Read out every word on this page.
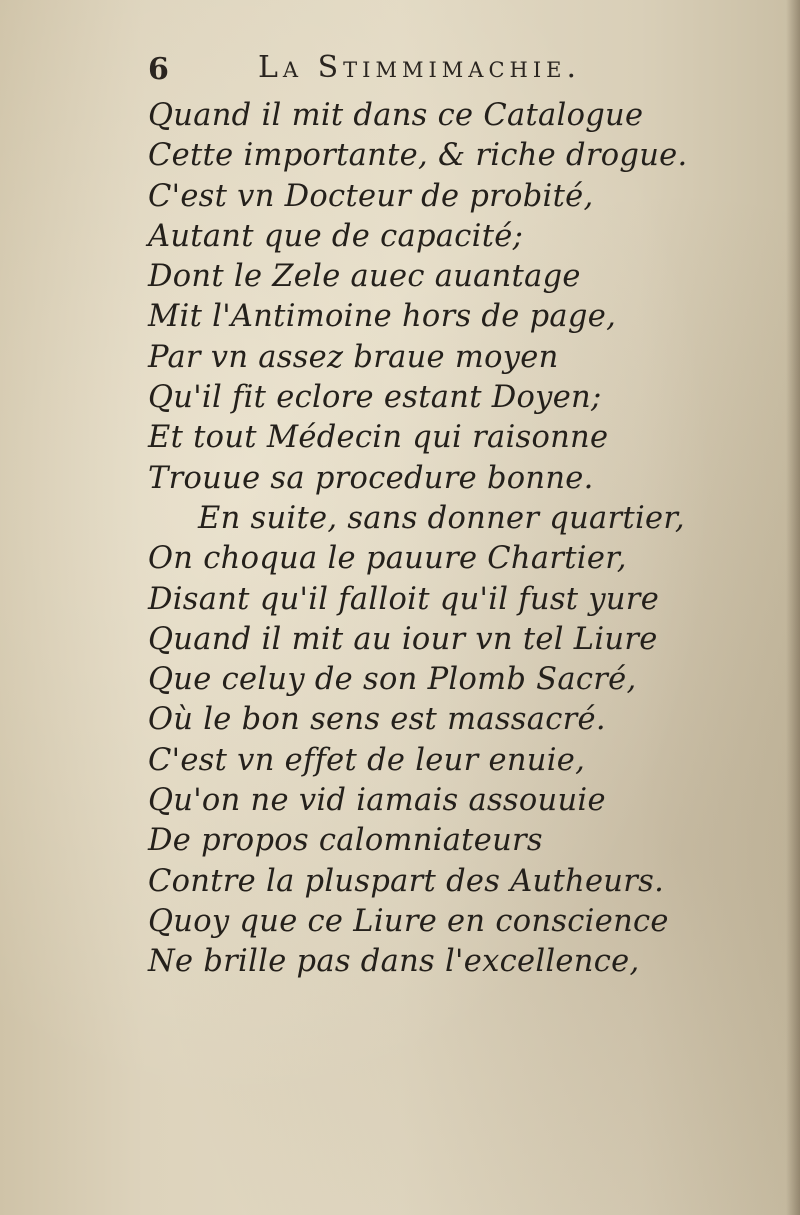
6	La Stimmimachie.
Quand il mit dans ce Catalogue
Cette importante, & riche drogue.
C'est vn Docteur de probité,
Autant que de capacité;
Dont le Zele auec auantage
Mit l'Antimoine hors de page,
Par vn assez braue moyen
Qu'il fit eclore estant Doyen;
Et tout Médecin qui raisonne
Trouue sa procedure bonne.
En suite, sans donner quartier,
On choqua le pauure Chartier,
Disant qu'il falloit qu'il fust yure
Quand il mit au iour vn tel Liure
Que celuy de son Plomb Sacré,
Où le bon sens est massacré.
C'est vn effet de leur enuie,
Qu'on ne vid iamais assouuie
De propos calomniateurs
Contre la pluspart des Autheurs.
Quoy que ce Liure en conscience
Ne brille pas dans l'excellence,
